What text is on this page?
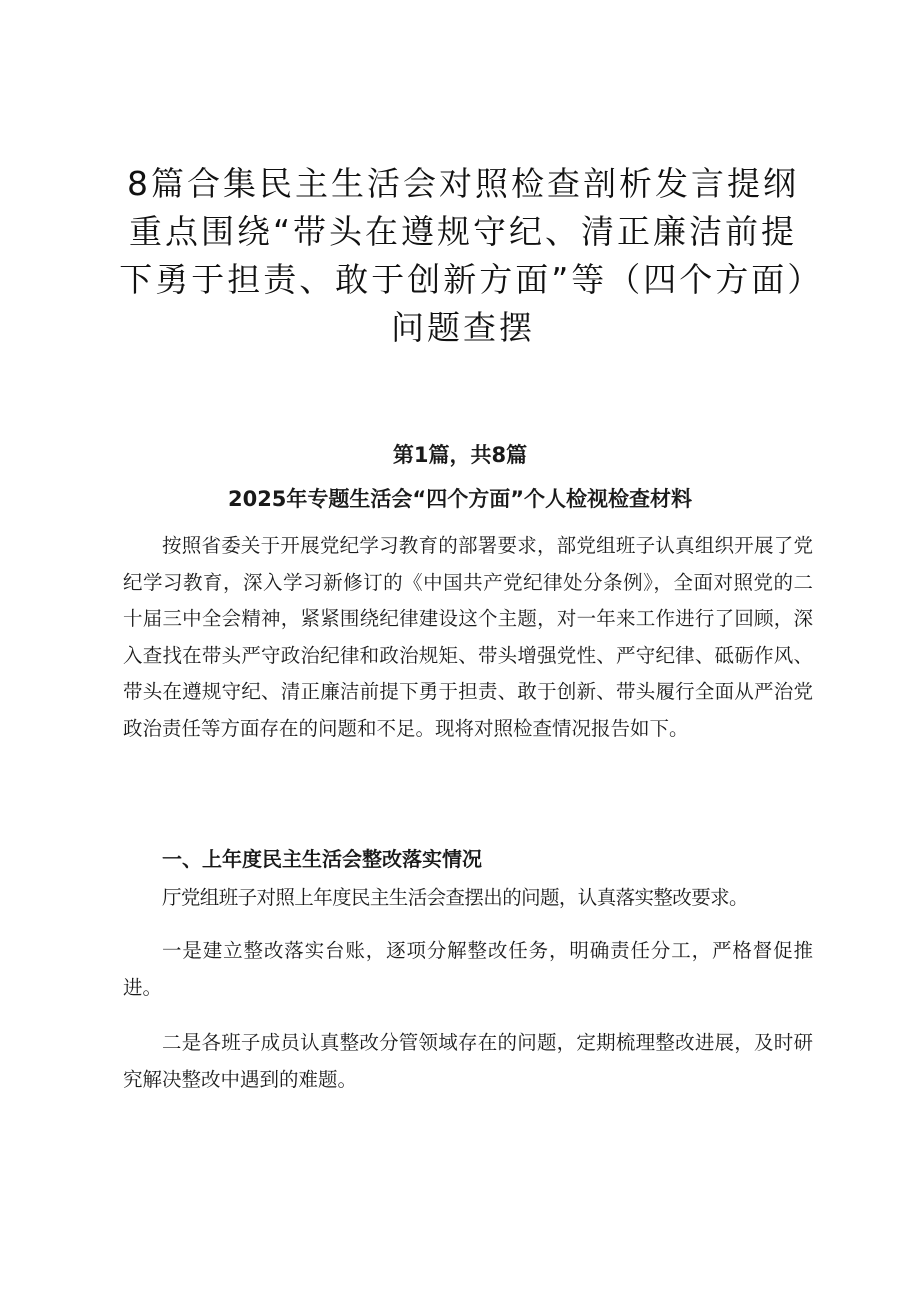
8篇合集民主生活会对照检查剖析发言提纲重点围绕“带头在遵规守纪、清正廉洁前提下勇于担责、敢于创新方面”等（四个方面）问题查摆

第1篇，共8篇

2025年专题生活会“四个方面”个人检视检查材料

按照省委关于开展党纪学习教育的部署要求，部党组班子认真组织开展了党纪学习教育，深入学习新修订的《中国共产党纪律处分条例》，全面对照党的二十届三中全会精神，紧紧围绕纪律建设这个主题，对一年来工作进行了回顾，深入查找在带头严守政治纪律和政治规矩、带头增强党性、严守纪律、砥砺作风、带头在遵规守纪、清正廉洁前提下勇于担责、敢于创新、带头履行全面从严治党政治责任等方面存在的问题和不足。现将对照检查情况报告如下。

一、上年度民主生活会整改落实情况

厅党组班子对照上年度民主生活会查摆出的问题，认真落实整改要求。

一是建立整改落实台账，逐项分解整改任务，明确责任分工，严格督促推进。

二是各班子成员认真整改分管领域存在的问题，定期梳理整改进展，及时研究解决整改中遇到的难题。
